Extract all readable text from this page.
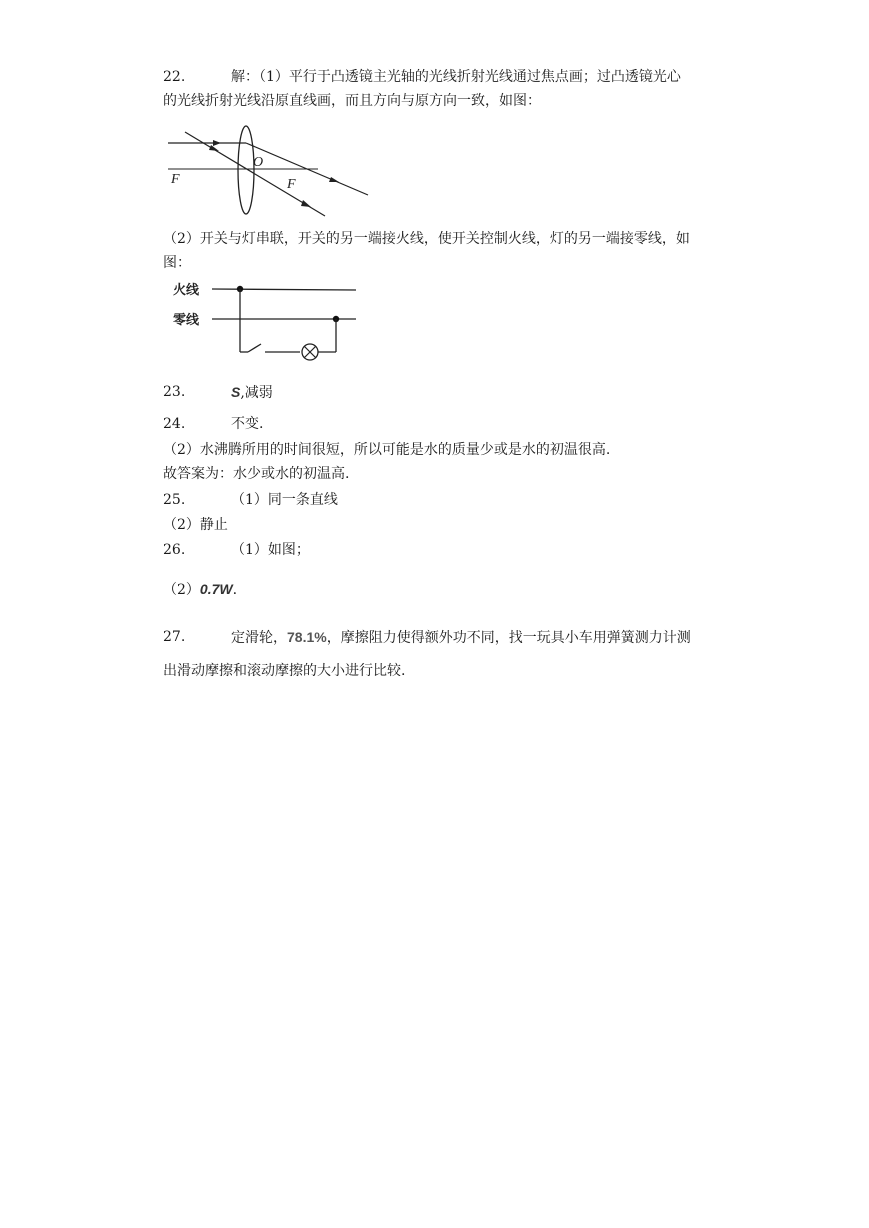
22.	解：（1）平行于凸透镜主光轴的光线折射光线通过焦点画；过凸透镜光心
的光线折射光线沿原直线画，而且方向与原方向一致，如图：
F
O
F
（2）开关与灯串联，开关的另一端接火线，使开关控制火线，灯的另一端接零线，如
图：
火线
零线
23.	S,减弱
24.	不变.
（2）水沸腾所用的时间很短，所以可能是水的质量少或是水的初温很高.
故答案为：水少或水的初温高.
25.	（1）同一条直线
（2）静止
26.	（1）如图；
（2）0.7W.
27.	定滑轮，78.1%，摩擦阻力使得额外功不同，找一玩具小车用弹簧测力计测
出滑动摩擦和滚动摩擦的大小进行比较.
